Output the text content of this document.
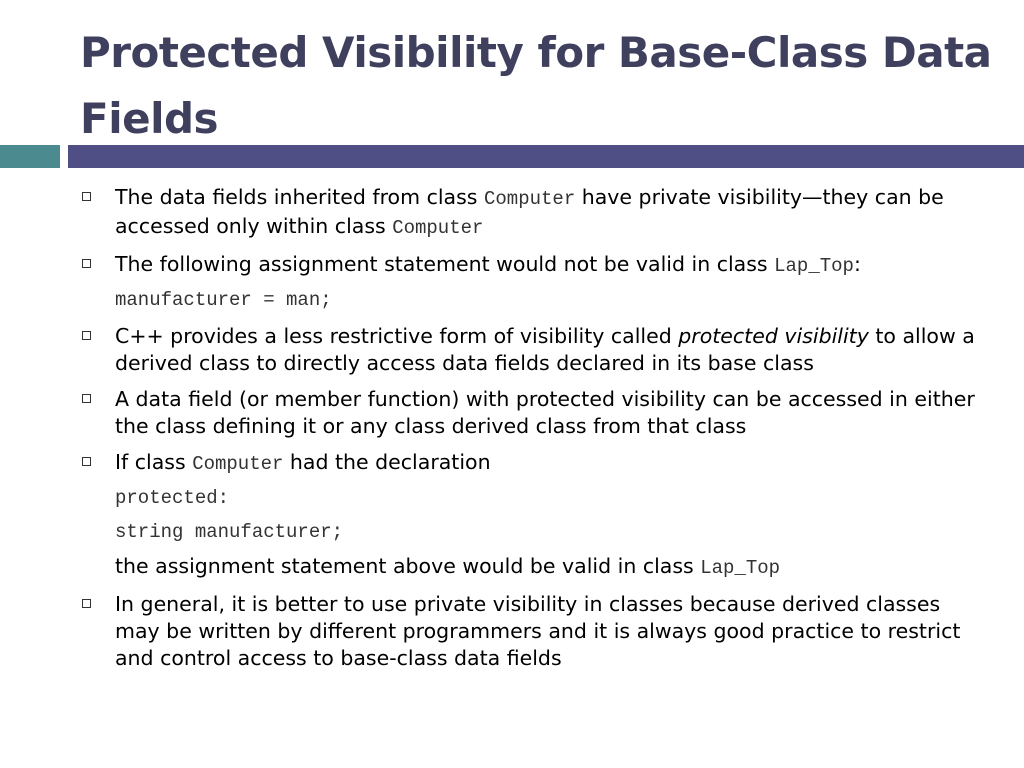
Protected Visibility for Base-Class Data Fields
The data fields inherited from class Computer have private visibility—they can be accessed only within class Computer
The following assignment statement would not be valid in class Lap_Top:
manufacturer = man;
C++ provides a less restrictive form of visibility called protected visibility to allow a derived class to directly access data fields declared in its base class
A data field (or member function) with protected visibility can be accessed in either the class defining it or any class derived class from that class
If class Computer had the declaration
protected:
string manufacturer;
the assignment statement above would be valid in class Lap_Top
In general, it is better to use private visibility in classes because derived classes may be written by different programmers and it is always good practice to restrict and control access to base-class data fields
